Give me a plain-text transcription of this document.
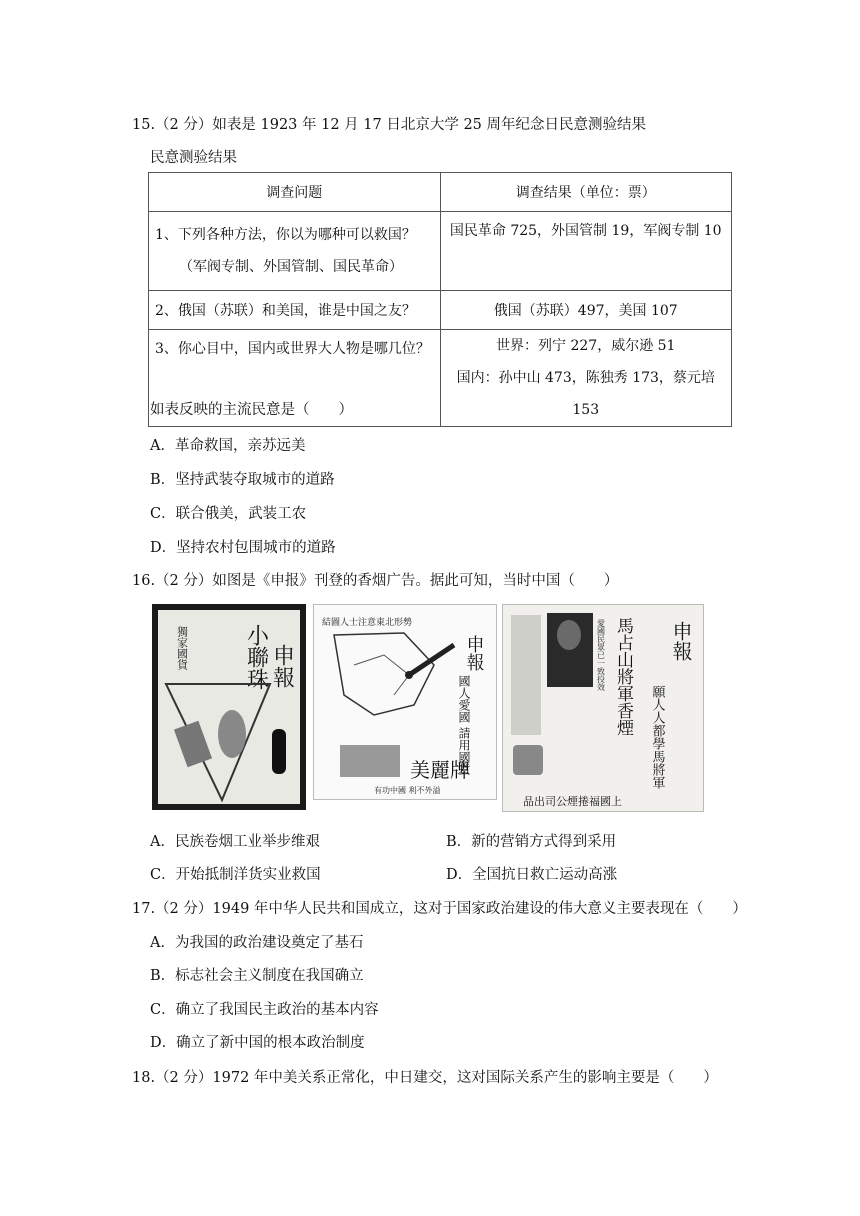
15.（2 分）如表是 1923 年 12 月 17 日北京大学 25 周年纪念日民意测验结果
民意测验结果
调查问题	调查结果（单位：票）

1、下列各种方法，你以为哪种可以救国？
（军阀专制、外国管制、国民革命）	国民革命 725，外国管制 19，军阀专制 10
2、俄国（苏联）和美国，谁是中国之友？	俄国（苏联）497，美国 107
3、你心目中，国内或世界大人物是哪几位？	世界：列宁 227，威尔逊 51
国内：孙中山 473，陈独秀 173，蔡元培 153
如表反映的主流民意是（　　）
A．革命救国，亲苏远美
B．坚持武装夺取城市的道路
C．联合俄美，武装工农
D．坚持农村包围城市的道路
16.（2 分）如图是《申报》刊登的香烟广告。据此可知，当时中国（　　）
申報
小聯珠
獨家國貨
結圖人士注意東北形勢
申報
國人愛國 請用國貨
美麗牌
有功中國 利不外溢
申報
馬占山將軍香煙
願人人都學馬將軍
愛國民眾已一致投效
品出司公煙捲福國上
A．民族卷烟工业举步维艰	B．新的营销方式得到采用
C．开始抵制洋货实业救国	D．全国抗日救亡运动高涨
17.（2 分）1949 年中华人民共和国成立，这对于国家政治建设的伟大意义主要表现在（　　）
A．为我国的政治建设奠定了基石
B．标志社会主义制度在我国确立
C．确立了我国民主政治的基本内容
D．确立了新中国的根本政治制度
18.（2 分）1972 年中美关系正常化，中日建交，这对国际关系产生的影响主要是（　　）
